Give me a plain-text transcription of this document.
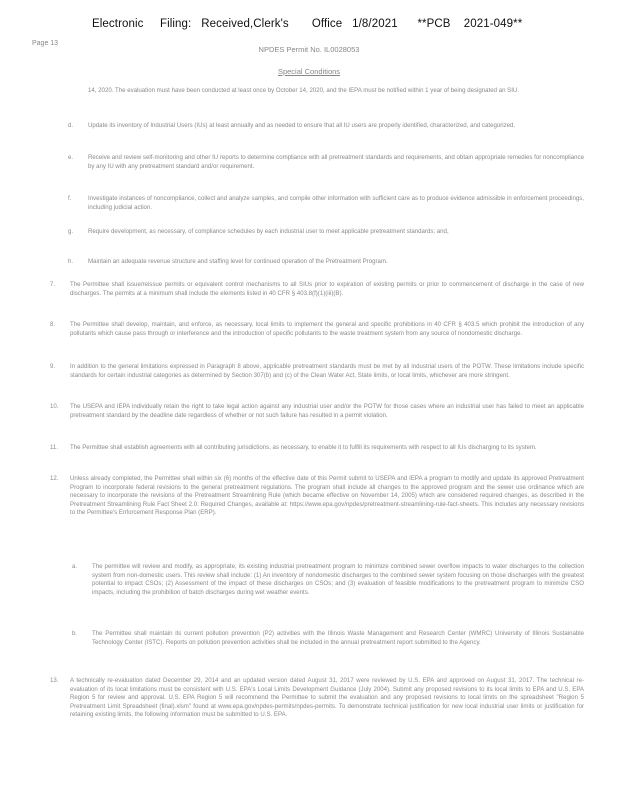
Electronic     Filing:   Received,Clerk's       Office   1/8/2021      **PCB    2021-049**
Page 13
NPDES Permit No. IL0028053
Special Conditions
14, 2020. The evaluation must have been conducted at least once by October 14, 2020, and the IEPA must be notified within 1 year of being designated an SIU.
d. Update its inventory of Industrial Users (IUs) at least annually and as needed to ensure that all IU users are properly identified, characterized, and categorized.
e. Receive and review self-monitoring and other IU reports to determine compliance with all pretreatment standards and requirements, and obtain appropriate remedies for noncompliance by any IU with any pretreatment standard and/or requirement.
f.	Investigate instances of noncompliance, collect and analyze samples, and compile other information with sufficient care as to produce evidence admissible in enforcement proceedings, including judicial action.
g. Require development, as necessary, of compliance schedules by each industrial user to meet applicable pretreatment standards; and,
h. Maintain an adequate revenue structure and staffing level for continued operation of the Pretreatment Program.
7. The Permittee shall issue/reissue permits or equivalent control mechanisms to all SIUs prior to expiration of existing permits or prior to commencement of discharge in the case of new discharges. The permits at a minimum shall include the elements listed in 40 CFR § 403.8(f)(1)(iii)(B).
8. The Permittee shall develop, maintain, and enforce, as necessary, local limits to implement the general and specific prohibitions in 40 CFR § 403.5 which prohibit the introduction of any pollutants which cause pass through or interference and the introduction of specific pollutants to the waste treatment system from any source of nondomestic discharge.
9. In addition to the general limitations expressed in Paragraph 8 above, applicable pretreatment standards must be met by all industrial users of the POTW. These limitations include specific standards for certain industrial categories as determined by Section 307(b) and (c) of the Clean Water Act, State limits, or local limits, whichever are more stringent.
10. The USEPA and IEPA individually retain the right to take legal action against any industrial user and/or the POTW for those cases where an industrial user has failed to meet an applicable pretreatment standard by the deadline date regardless of whether or not such failure has resulted in a permit violation.
11. The Permittee shall establish agreements with all contributing jurisdictions, as necessary, to enable it to fulfill its requirements with respect to all IUs discharging to its system.
12. Unless already completed, the Permittee shall within six (6) months of the effective date of this Permit submit to USEPA and IEPA a program to modify and update its approved Pretreatment Program to incorporate federal revisions to the general pretreatment regulations. The program shall include all changes to the approved program and the sewer use ordinance which are necessary to incorporate the revisions of the Pretreatment Streamlining Rule (which became effective on November 14, 2005) which are considered required changes, as described in the Pretreatment Streamlining Rule Fact Sheet 2.0: Required Changes, available at: https://www.epa.gov/npdes/pretreatment-streamlining-rule-fact-sheets. This includes any necessary revisions to the Permittee's Enforcement Response Plan (ERP).
a. The permittee will review and modify, as appropriate, its existing industrial pretreatment program to minimize combined sewer overflow impacts to water discharges to the collection system from non-domestic users. This review shall include: (1) An inventory of nondomestic discharges to the combined sewer system focusing on those discharges with the greatest potential to impact CSOs; (2) Assessment of the impact of these discharges on CSOs; and (3) evaluation of feasible modifications to the pretreatment program to minimize CSO impacts, including the prohibition of batch discharges during wet weather events.
b. The Permittee shall maintain its current pollution prevention (P2) activities with the Illinois Waste Management and Research Center (WMRC) University of Illinois Sustainable Technology Center (ISTC). Reports on pollution prevention activities shall be included in the annual pretreatment report submitted to the Agency.
13. A technically re-evaluation dated December 29, 2014 and an updated version dated August 31, 2017 were reviewed by U.S. EPA and approved on August 31, 2017. The technical re-evaluation of its local limitations must be consistent with U.S. EPA's Local Limits Development Guidance (July 2004). Submit any proposed revisions to its local limits to EPA and U.S. EPA Region 5 for review and approval. U.S. EPA Region 5 will recommend the Permittee to submit the evaluation and any proposed revisions to local limits on the spreadsheet "Region 5 Pretreatment Limit Spreadsheet (final).xlsm" found at www.epa.gov/npdes-permits/npdes-permits. To demonstrate technical justification for new local industrial user limits or justification for retaining existing limits, the following information must be submitted to U.S. EPA.
